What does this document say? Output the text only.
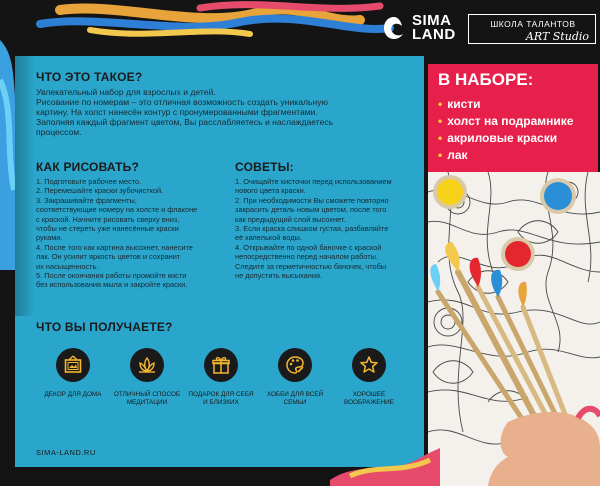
SIMA
LAND
ШКОЛА ТАЛАНТОВ
ART Studio
ЧТО ЭТО ТАКОЕ?
Увлекательный набор для взрослых и детей.
Рисование по номерам – это отличная возможность создать уникальную
картину. На холст нанесён контур с пронумерованными фрагментами.
Заполняя каждый фрагмент цветом, Вы расслабляетесь и наслаждаетесь
процессом.
КАК РИСОВАТЬ?
1. Подготовьте рабочее место.
2. Перемешайте краски зубочисткой.
3. Закрашивайте фрагменты,
соответствующие номеру на холсте и флаконе
с краской. Начните рисовать сверху вниз,
чтобы не стереть уже нанесённые краски
руками.
4. После того как картина высохнет, нанесите
лак. Он усилит яркость цветов и сохранит
их насыщенность.
5. После окончания работы промойте кисти
без использования мыла и закройте краски.
СОВЕТЫ:
1. Очищайте кисточки перед использованием
нового цвета краски.
2. При необходимости Вы сможете повторно
закрасить деталь новым цветом, после того
как предыдущий слой высохнет.
3. Если краска слишком густая, разбавляйте
её капелькой воды.
4. Открывайте по одной баночке с краской
непосредственно перед началом работы.
Следите за герметичностью баночек, чтобы
не допустить высыхания.
ЧТО ВЫ ПОЛУЧАЕТЕ?
ДЕКОР ДЛЯ ДОМА	ОТЛИЧНЫЙ СПОСОБ
МЕДИТАЦИИ
ПОДАРОК ДЛЯ СЕБЯ
И БЛИЗКИХ
ХОББИ ДЛЯ ВСЕЙ
СЕМЬИ
ХОРОШЕЕ
ВООБРАЖЕНИЕ
SIMA-LAND.RU
В НАБОРЕ:
• кисти
• холст на подрамнике
• акриловые краски
• лак
